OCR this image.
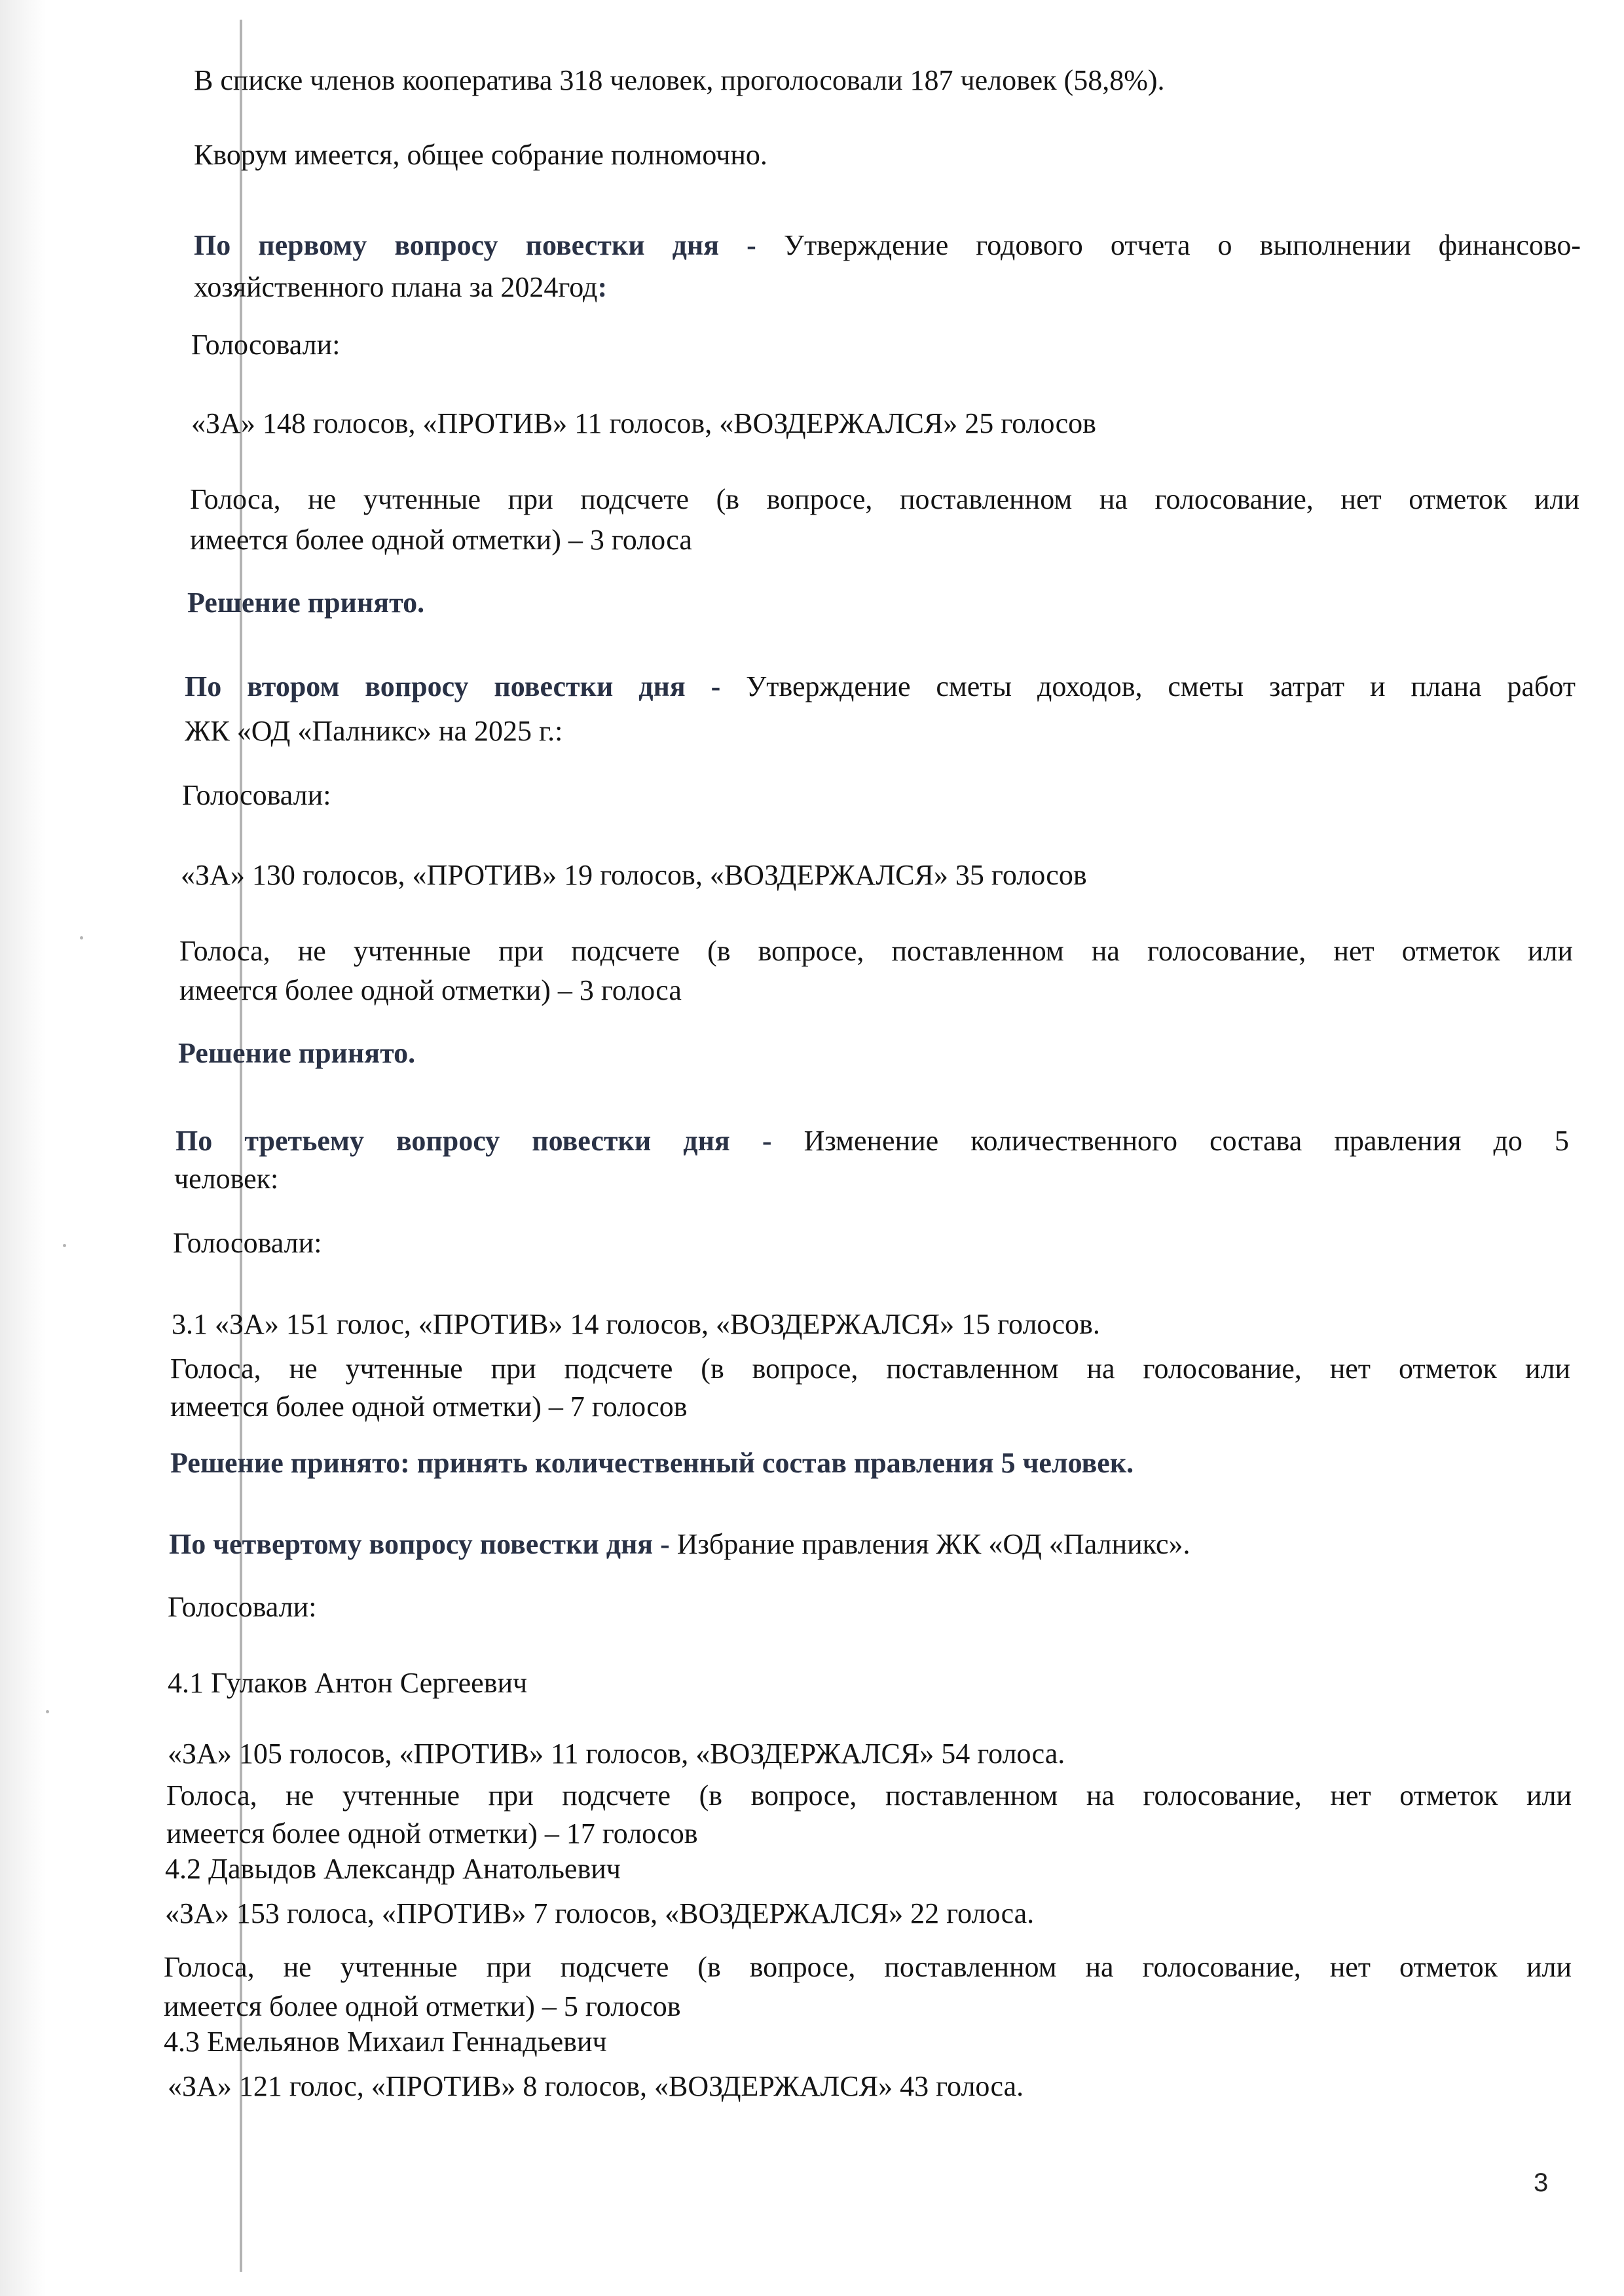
В списке членов кооператива 318 человек, проголосовали 187 человек (58,8%).
Кворум имеется, общее собрание полномочно.
По первому вопросу повестки дня - Утверждение годового отчета о выполнении финансово-
хозяйственного плана за 2024год:
Голосовали:
«ЗА» 148 голосов, «ПРОТИВ» 11 голосов, «ВОЗДЕРЖАЛСЯ» 25 голосов
Голоса, не учтенные при подсчете (в вопросе, поставленном на голосование, нет отметок или
имеется более одной отметки) – 3 голоса
Решение принято.
По втором вопросу повестки дня - Утверждение сметы доходов, сметы затрат и плана работ
ЖК «ОД «Палникс» на 2025 г.:
Голосовали:
«ЗА» 130 голосов, «ПРОТИВ» 19 голосов, «ВОЗДЕРЖАЛСЯ» 35 голосов
Голоса, не учтенные при подсчете (в вопросе, поставленном на голосование, нет отметок или
имеется более одной отметки) – 3 голоса
Решение принято.
По третьему вопросу повестки дня - Изменение количественного состава правления до 5
человек:
Голосовали:
3.1 «ЗА» 151 голос, «ПРОТИВ» 14 голосов, «ВОЗДЕРЖАЛСЯ» 15 голосов.
Голоса, не учтенные при подсчете (в вопросе, поставленном на голосование, нет отметок или
имеется более одной отметки) – 7 голосов
Решение принято: принять количественный состав правления 5 человек.
По четвертому вопросу повестки дня - Избрание правления ЖК «ОД «Палникс».
Голосовали:
4.1 Гулаков Антон Сергеевич
«ЗА» 105 голосов, «ПРОТИВ» 11 голосов, «ВОЗДЕРЖАЛСЯ» 54 голоса.
Голоса, не учтенные при подсчете (в вопросе, поставленном на голосование, нет отметок или
имеется более одной отметки) – 17 голосов
4.2 Давыдов Александр Анатольевич
«ЗА» 153 голоса, «ПРОТИВ» 7 голосов, «ВОЗДЕРЖАЛСЯ» 22 голоса.
Голоса, не учтенные при подсчете (в вопросе, поставленном на голосование, нет отметок или
имеется более одной отметки) – 5 голосов
4.3 Емельянов Михаил Геннадьевич
«ЗА» 121 голос, «ПРОТИВ» 8 голосов, «ВОЗДЕРЖАЛСЯ» 43 голоса.
3
